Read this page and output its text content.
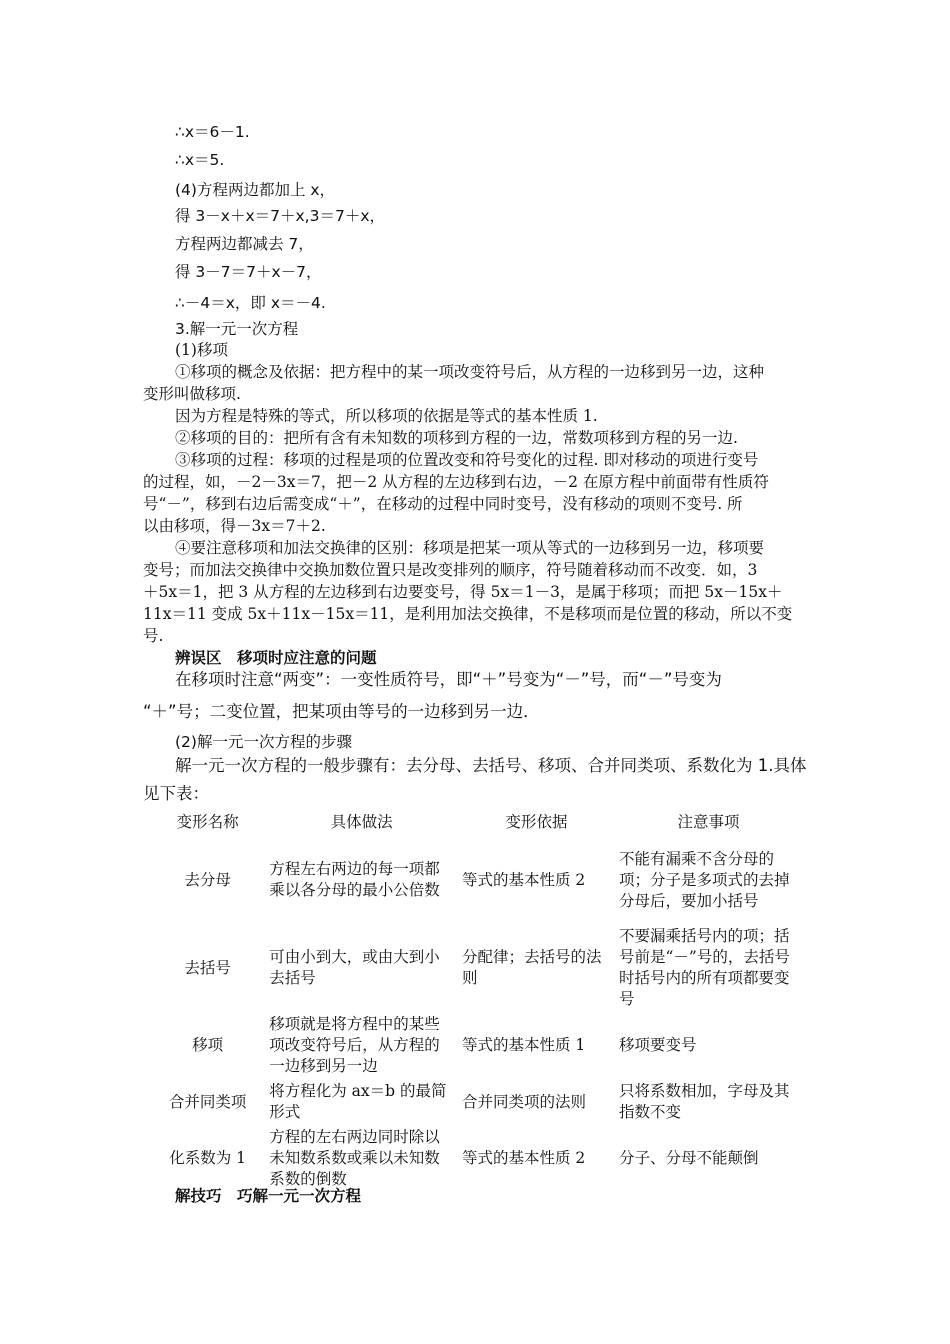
∴x＝6－1.
∴x＝5.
(4)方程两边都加上 x，
得 3－x＋x＝7＋x,3＝7＋x，
方程两边都减去 7，
得 3－7＝7＋x－7，
∴－4＝x，即 x＝－4.
3.解一元一次方程
(1)移项
①移项的概念及依据：把方程中的某一项改变符号后，从方程的一边移到另一边，这种
变形叫做移项.
因为方程是特殊的等式，所以移项的依据是等式的基本性质 1.
②移项的目的：把所有含有未知数的项移到方程的一边，常数项移到方程的另一边.
③移项的过程：移项的过程是项的位置改变和符号变化的过程. 即对移动的项进行变号
的过程，如，－2－3x＝7，把－2 从方程的左边移到右边，－2 在原方程中前面带有性质符
号“－”，移到右边后需变成“＋”，在移动的过程中同时变号，没有移动的项则不变号. 所
以由移项，得－3x＝7＋2.
④要注意移项和加法交换律的区别：移项是把某一项从等式的一边移到另一边，移项要
变号；而加法交换律中交换加数位置只是改变排列的顺序，符号随着移动而不改变．如，3
＋5x＝1，把 3 从方程的左边移到右边要变号，得 5x＝1－3，是属于移项；而把 5x－15x＋
11x＝11 变成 5x＋11x－15x＝11，是利用加法交换律，不是移项而是位置的移动，所以不变
号.
辨误区　移项时应注意的问题
在移项时注意“两变”：一变性质符号，即“＋”号变为“－”号，而“－”号变为
“＋”号；二变位置，把某项由等号的一边移到另一边．
(2)解一元一次方程的步骤
解一元一次方程的一般步骤有：去分母、去括号、移项、合并同类项、系数化为 1.具体
见下表：
解技巧　巧解一元一次方程
变形名称	具体做法	变形依据	注意事项
去分母	方程左右两边的每一项都乘以各分母的最小公倍数	等式的基本性质 2	不能有漏乘不含分母的项；分子是多项式的去掉分母后，要加小括号
去括号	可由小到大，或由大到小去括号	分配律；去括号的法则	不要漏乘括号内的项；括号前是“－”号的，去括号时括号内的所有项都要变号
移项	移项就是将方程中的某些项改变符号后，从方程的一边移到另一边	等式的基本性质 1	移项要变号
合并同类项	将方程化为 ax＝b 的最简形式	合并同类项的法则	只将系数相加，字母及其指数不变
化系数为 1	方程的左右两边同时除以未知数系数或乘以未知数系数的倒数	等式的基本性质 2	分子、分母不能颠倒
